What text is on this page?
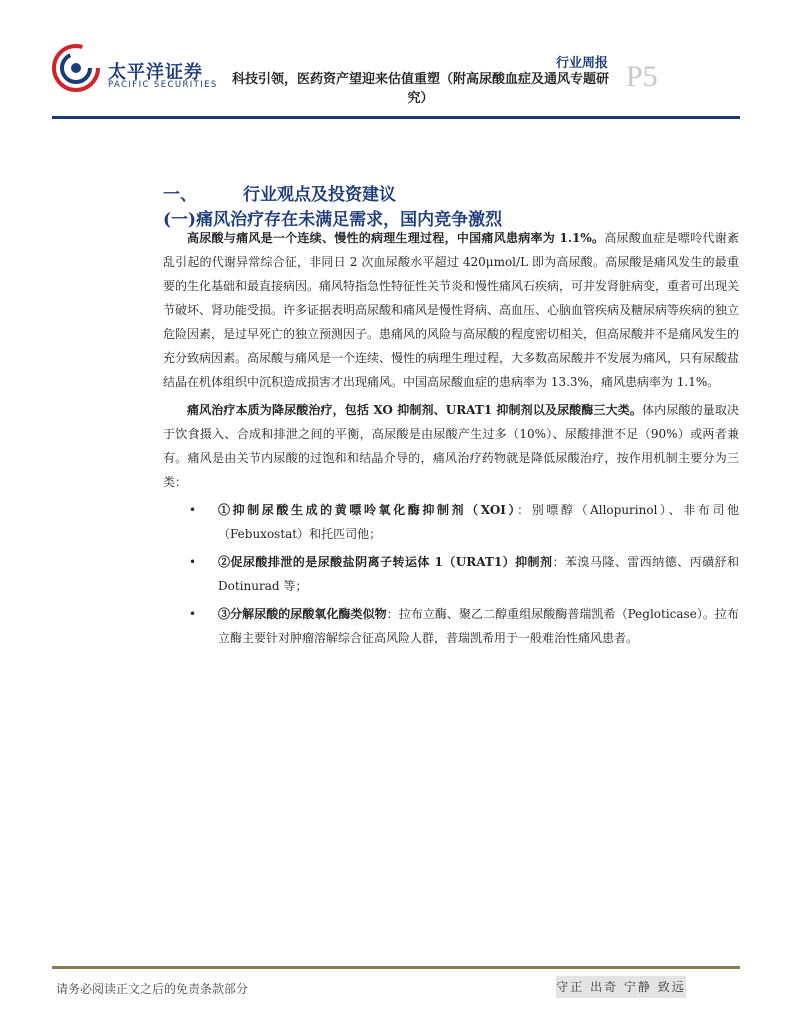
太平洋证券
PACIFIC SECURITIES
行业周报
科技引领，医药资产望迎来估值重塑（附高尿酸血症及通风专题研究）
P5
一、	行业观点及投资建议
(一)痛风治疗存在未满足需求，国内竞争激烈

高尿酸与痛风是一个连续、慢性的病理生理过程，中国痛风患病率为 1.1%。高尿酸血症是嘌呤代谢紊乱引起的代谢异常综合征，非同日 2 次血尿酸水平超过 420μmol/L 即为高尿酸。高尿酸是痛风发生的最重要的生化基础和最直接病因。痛风特指急性特征性关节炎和慢性痛风石疾病，可并发肾脏病变，重者可出现关节破坏、肾功能受损。许多证据表明高尿酸和痛风是慢性肾病、高血压、心脑血管疾病及糖尿病等疾病的独立危险因素，是过早死亡的独立预测因子。患痛风的风险与高尿酸的程度密切相关，但高尿酸并不是痛风发生的充分致病因素。高尿酸与痛风是一个连续、慢性的病理生理过程，大多数高尿酸并不发展为痛风，只有尿酸盐结晶在机体组织中沉积造成损害才出现痛风。中国高尿酸血症的患病率为 13.3%，痛风患病率为 1.1%。

痛风治疗本质为降尿酸治疗，包括 XO 抑制剂、URAT1 抑制剂以及尿酸酶三大类。体内尿酸的量取决于饮食摄入、合成和排泄之间的平衡，高尿酸是由尿酸产生过多（10%）、尿酸排泄不足（90%）或两者兼有。痛风是由关节内尿酸的过饱和和结晶介导的，痛风治疗药物就是降低尿酸治疗，按作用机制主要分为三类：

• ①抑制尿酸生成的黄嘌呤氧化酶抑制剂（XOI）：别嘌醇（Allopurinol）、非布司他（Febuxostat）和托匹司他；
• ②促尿酸排泄的是尿酸盐阴离子转运体 1（URAT1）抑制剂：苯溴马隆、雷西纳德、丙磺舒和 Dotinurad 等；
• ③分解尿酸的尿酸氧化酶类似物：拉布立酶、聚乙二醇重组尿酸酶普瑞凯希（Pegloticase）。拉布立酶主要针对肿瘤溶解综合征高风险人群，普瑞凯希用于一般难治性痛风患者。
请务必阅读正文之后的免责条款部分	守正 出奇 宁静 致远
